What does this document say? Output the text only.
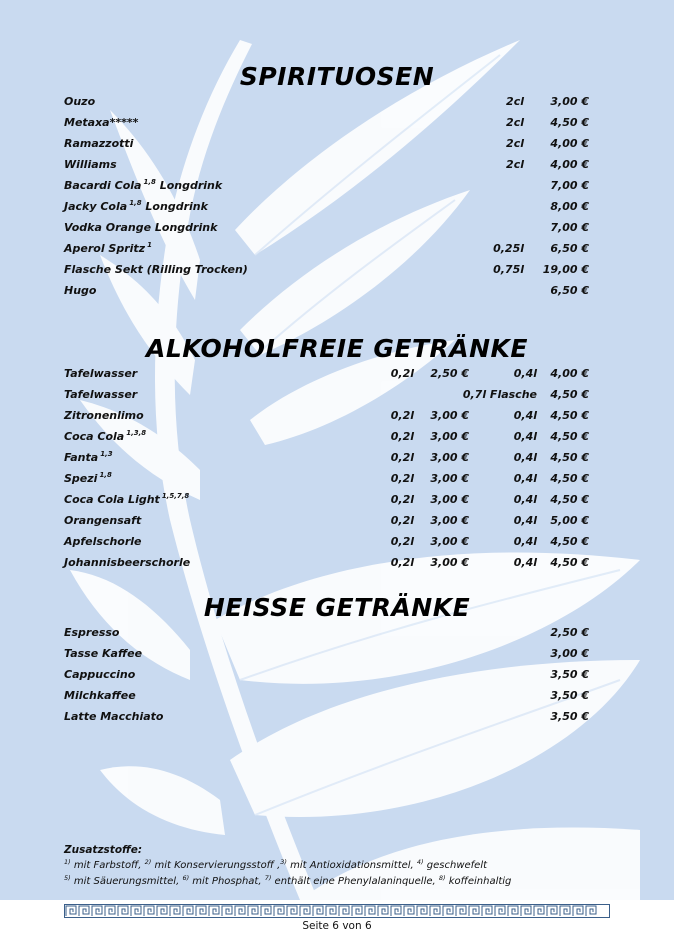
SPIRITUOSEN
Ouzo	2cl 3,00 €
Metaxa*****	2cl 4,50 €
Ramazzotti	2cl 4,00 €
Williams	2cl 4,00 €
Bacardi Cola $^{1,8}$ Longdrink	7,00 €
Jacky Cola $^{1,8}$ Longdrink	8,00 €
Vodka Orange Longdrink	7,00 €
Aperol Spritz $^1$	0,25l 6,50 €
Flasche Sekt (Rilling Trocken)	0,75l 19,00 €
Hugo	6,50 €
ALKOHOLFREIE GETRÄNKE
Tafelwasser	0,2l 2,50 €	0,4l 4,00 €
Tafelwasser	0,7l Flasche 4,50 €
Zitronenlimo	0,2l 3,00 €	0,4l 4,50 €
Coca Cola $^{1,3,8}$	0,2l 3,00 €	0,4l 4,50 €
Fanta $^{1,3}$	0,2l 3,00 €	0,4l 4,50 €
Spezi $^{1,8}$	0,2l 3,00 €	0,4l 4,50 €
Coca Cola Light $^{1,5,7,8}$	0,2l 3,00 €	0,4l 4,50 €
Orangensaft	0,2l 3,00 €	0,4l 5,00 €
Apfelschorle	0,2l 3,00 €	0,4l 4,50 €
Johannisbeerschorle	0,2l 3,00 €	0,4l 4,50 €
HEISSE GETRÄNKE
Espresso	2,50 €
Tasse Kaffee	3,00 €
Cappuccino	3,50 €
Milchkaffee	3,50 €
Latte Macchiato	3,50 €
Zusatzstoffe:
$^{1)}$ mit Farbstoff, $^{2)}$ mit Konservierungsstoff ,$^{3)}$ mit Antioxidationsmittel, $^{4)}$ geschwefelt
$^{5)}$ mit Säuerungsmittel, $^{6)}$ mit Phosphat, $^{7)}$ enthält eine Phenylalaninquelle, $^{8)}$ koffeinhaltig
Seite 6 von 6
